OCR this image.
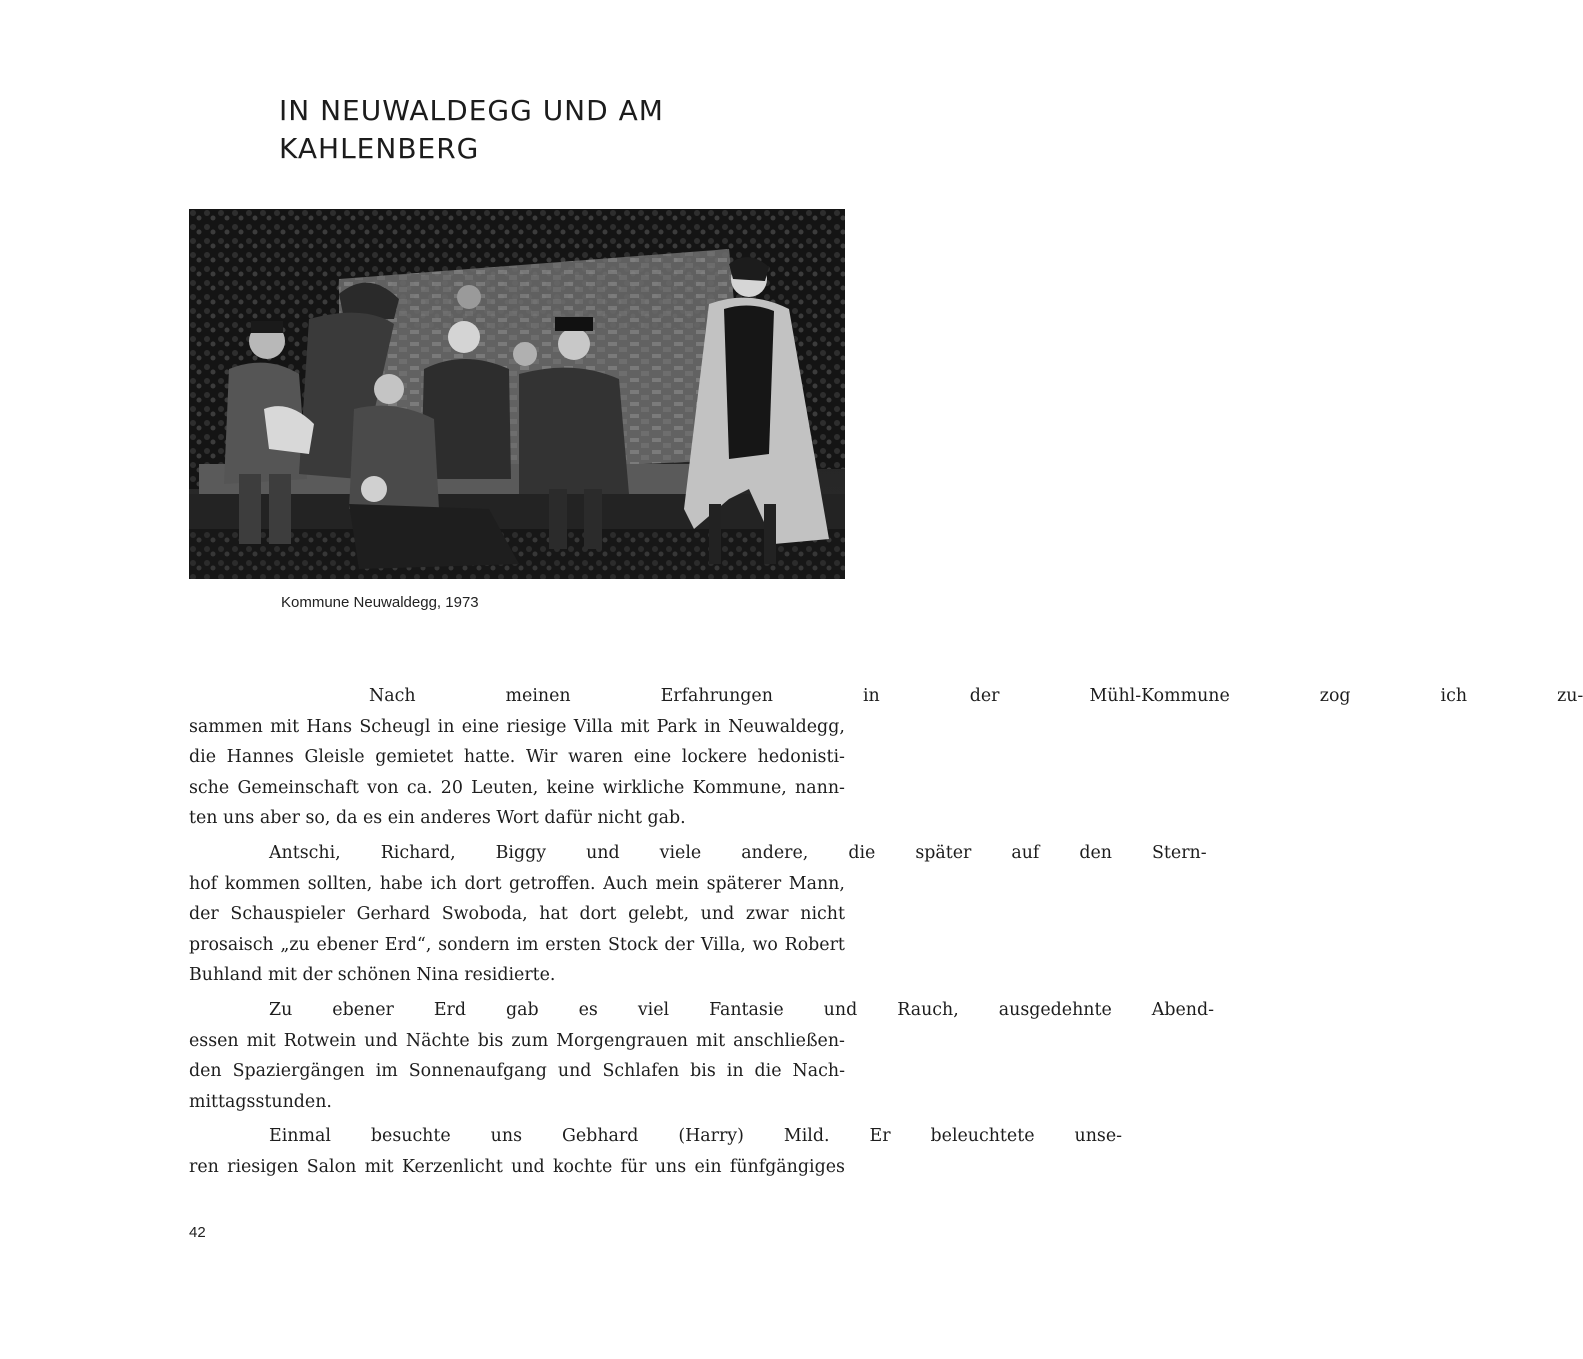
IN NEUWALDEGG UND AM
KAHLENBERG
Kommune Neuwaldegg, 1973

Nach	meinen	Erfahrungen	in	der	Mühl-Kommune	zog	ich	zu-
sammen mit Hans Scheugl in eine riesige Villa mit Park in Neuwaldegg,
die Hannes Gleisle gemietet hatte. Wir waren eine lockere hedonisti-
sche Gemeinschaft von ca. 20 Leuten, keine wirkliche Kommune, nann-
ten uns aber so, da es ein anderes Wort dafür nicht gab.

Antschi,	Richard,	Biggy	und	viele	andere,	die	später	auf	den	Stern-
hof kommen sollten, habe ich dort getroffen. Auch mein späterer Mann,
der Schauspieler Gerhard Swoboda, hat dort gelebt, und zwar nicht
prosaisch „zu ebener Erd“, sondern im ersten Stock der Villa, wo Robert
Buhland mit der schönen Nina residierte.

Zu	ebener	Erd	gab	es	viel	Fantasie	und	Rauch,	ausgedehnte	Abend-
essen mit Rotwein und Nächte bis zum Morgengrauen mit anschließen-
den Spaziergängen im Sonnenaufgang und Schlafen bis in die Nach-
mittagsstunden.

Einmal	besuchte	uns	Gebhard	(Harry)	Mild.	Er	beleuchtete	unse-
ren riesigen Salon mit Kerzenlicht und kochte für uns ein fünfgängiges

42
